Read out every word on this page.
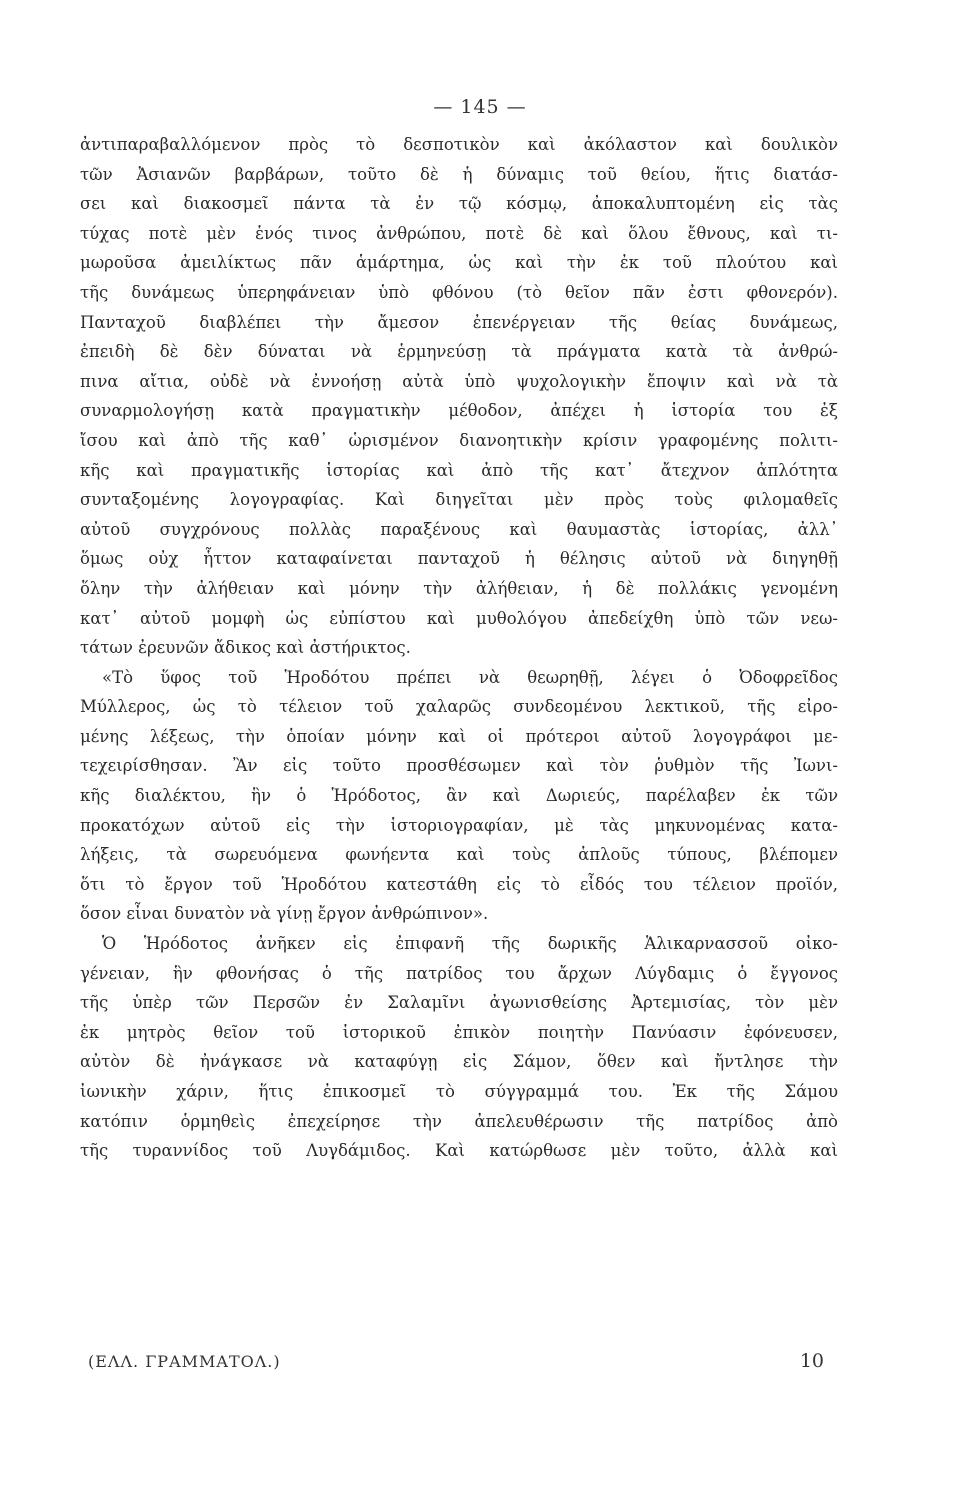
— 145 —
ἀντιπαραβαλλόμενον πρὸς τὸ δεσποτικὸν καὶ ἀκόλαστον καὶ δουλικὸν
τῶν Ἀσιανῶν βαρβάρων, τοῦτο δὲ ἡ δύναμις τοῦ θείου, ἥτις διατάσ-
σει καὶ διακοσμεῖ πάντα τὰ ἐν τῷ κόσμῳ, ἀποκαλυπτομένη εἰς τὰς
τύχας ποτὲ μὲν ἑνός τινος ἀνθρώπου, ποτὲ δὲ καὶ ὅλου ἔθνους, καὶ τι-
μωροῦσα ἀμειλίκτως πᾶν ἁμάρτημα, ὡς καὶ τὴν ἐκ τοῦ πλούτου καὶ
τῆς δυνάμεως ὑπερηφάνειαν ὑπὸ φθόνου (τὸ θεῖον πᾶν ἐστι φθονερόν).
Πανταχοῦ διαβλέπει τὴν ἄμεσον ἐπενέργειαν τῆς θείας δυνάμεως,
ἐπειδὴ δὲ δὲν δύναται νὰ ἑρμηνεύσῃ τὰ πράγματα κατὰ τὰ ἀνθρώ-
πινα αἴτια, οὐδὲ νὰ ἐννοήσῃ αὐτὰ ὑπὸ ψυχολογικὴν ἔποψιν καὶ νὰ τὰ
συναρμολογήσῃ κατὰ πραγματικὴν μέθοδον, ἀπέχει ἡ ἱστορία του ἐξ
ἴσου καὶ ἀπὸ τῆς καθ᾽ ὡρισμένον διανοητικὴν κρίσιν γραφομένης πολιτι-
κῆς καὶ πραγματικῆς ἱστορίας καὶ ἀπὸ τῆς κατ᾽ ἄτεχνον ἁπλότητα
συνταξομένης λογογραφίας. Καὶ διηγεῖται μὲν πρὸς τοὺς φιλομαθεῖς
αὐτοῦ συγχρόνους πολλὰς παραξένους καὶ θαυμαστὰς ἱστορίας, ἀλλ᾽
ὅμως οὐχ ἧττον καταφαίνεται πανταχοῦ ἡ θέλησις αὐτοῦ νὰ διηγηθῇ
ὅλην τὴν ἀλήθειαν καὶ μόνην τὴν ἀλήθειαν, ἡ δὲ πολλάκις γενομένη
κατ᾽ αὐτοῦ μομφὴ ὡς εὐπίστου καὶ μυθολόγου ἀπεδείχθη ὑπὸ τῶν νεω-
τάτων ἐρευνῶν ἄδικος καὶ ἀστήρικτος.
«Τὸ ὕφος τοῦ Ἡροδότου πρέπει νὰ θεωρηθῇ, λέγει ὁ Ὀδοφρεῖδος
Μύλλερος, ὡς τὸ τέλειον τοῦ χαλαρῶς συνδεομένου λεκτικοῦ, τῆς εἰρο-
μένης λέξεως, τὴν ὁποίαν μόνην καὶ οἱ πρότεροι αὐτοῦ λογογράφοι με-
τεχειρίσθησαν. Ἂν εἰς τοῦτο προσθέσωμεν καὶ τὸν ῥυθμὸν τῆς Ἰωνι-
κῆς διαλέκτου, ἣν ὁ Ἡρόδοτος, ἂν καὶ Δωριεύς, παρέλαβεν ἐκ τῶν
προκατόχων αὐτοῦ εἰς τὴν ἱστοριογραφίαν, μὲ τὰς μηκυνομένας κατα-
λήξεις, τὰ σωρευόμενα φωνήεντα καὶ τοὺς ἁπλοῦς τύπους, βλέπομεν
ὅτι τὸ ἔργον τοῦ Ἡροδότου κατεστάθη εἰς τὸ εἶδός του τέλειον προϊόν,
ὅσον εἶναι δυνατὸν νὰ γίνῃ ἔργον ἀνθρώπινον».
Ὁ Ἡρόδοτος ἀνῆκεν εἰς ἐπιφανῆ τῆς δωρικῆς Ἁλικαρνασσοῦ οἰκο-
γένειαν, ἣν φθονήσας ὁ τῆς πατρίδος του ἄρχων Λύγδαμις ὁ ἔγγονος
τῆς ὑπὲρ τῶν Περσῶν ἐν Σαλαμῖνι ἀγωνισθείσης Ἀρτεμισίας, τὸν μὲν
ἐκ μητρὸς θεῖον τοῦ ἱστορικοῦ ἐπικὸν ποιητὴν Πανύασιν ἐφόνευσεν,
αὐτὸν δὲ ἠνάγκασε νὰ καταφύγῃ εἰς Σάμον, ὅθεν καὶ ἤντλησε τὴν
ἰωνικὴν χάριν, ἥτις ἐπικοσμεῖ τὸ σύγγραμμά του. Ἐκ τῆς Σάμου
κατόπιν ὁρμηθεὶς ἐπεχείρησε τὴν ἀπελευθέρωσιν τῆς πατρίδος ἀπὸ
τῆς τυραννίδος τοῦ Λυγδάμιδος. Καὶ κατώρθωσε μὲν τοῦτο, ἀλλὰ καὶ
(ΕΛΛ. ΓΡΑΜΜΑΤΟΛ.)	10
